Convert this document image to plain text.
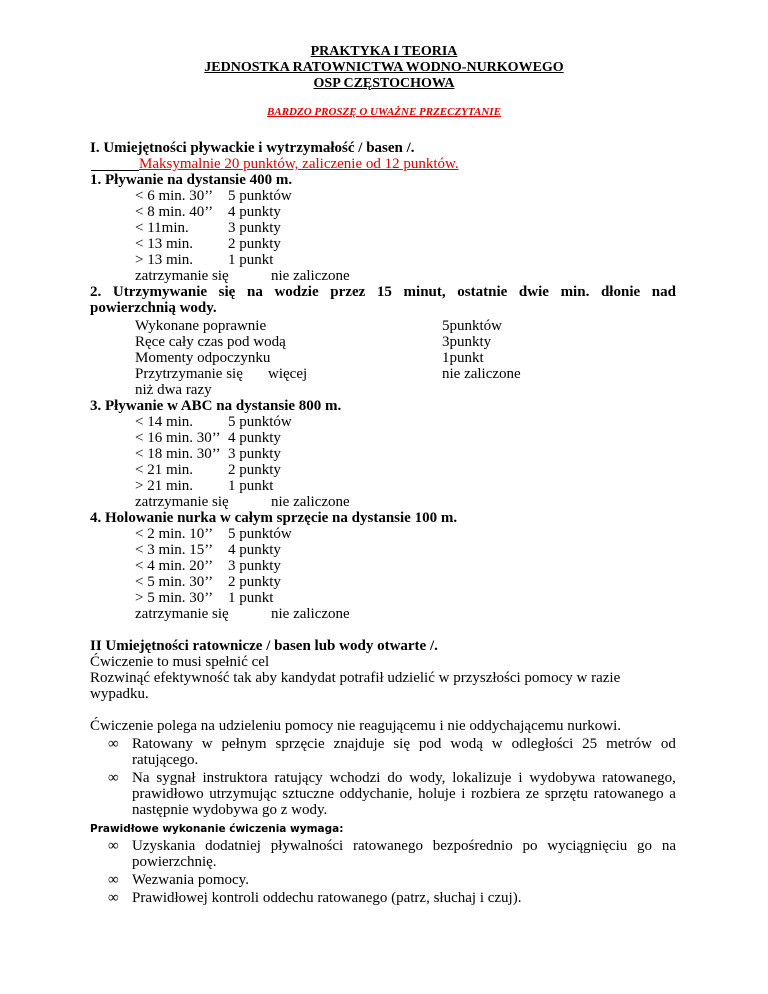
PRAKTYKA I TEORIA
JEDNOSTKA RATOWNICTWA WODNO-NURKOWEGO
OSP CZĘSTOCHOWA
BARDZO PROSZĘ O UWAŻNE PRZECZYTANIE
I. Umiejętności pływackie i wytrzymałość / basen /.
Maksymalnie 20 punktów, zaliczenie od 12 punktów.
1. Pływanie na dystansie 400 m.
< 6 min. 30’’ 5 punktów
< 8 min. 40’’ 4 punkty
< 11min.	3 punkty
< 13 min. 2 punkty
> 13 min. 1 punkt
zatrzymanie się	nie zaliczone
2. Utrzymywanie się na wodzie przez 15 minut, ostatnie dwie min. dłonie nad
powierzchnią wody.
Wykonane poprawnie	5punktów
Ręce cały czas pod wodą	3punkty
Momenty odpoczynku	1punkt
Przytrzymanie się więcej	nie zaliczone
niż dwa razy
3. Pływanie w ABC na dystansie 800 m.
< 14 min. 5 punktów
< 16 min. 30’’ 4 punkty
< 18 min. 30’’ 3 punkty
< 21 min. 2 punkty
> 21 min. 1 punkt
zatrzymanie się	nie zaliczone
4. Holowanie nurka w całym sprzęcie na dystansie 100 m.
< 2 min. 10’’ 5 punktów
< 3 min. 15’’ 4 punkty
< 4 min. 20’’ 3 punkty
< 5 min. 30’’ 2 punkty
> 5 min. 30’’ 1 punkt
zatrzymanie się	nie zaliczone
II Umiejętności ratownicze / basen lub wody otwarte /.
Ćwiczenie to musi spełnić cel
Rozwinąć efektywność tak aby kandydat potrafił udzielić w przyszłości pomocy w razie
wypadku.
Ćwiczenie polega na udzieleniu pomocy nie reagującemu i nie oddychającemu nurkowi.
∞ Ratowany w pełnym sprzęcie znajduje się pod wodą w odległości 25 metrów od
ratującego.
∞ Na sygnał instruktora ratujący wchodzi do wody, lokalizuje i wydobywa ratowanego,
prawidłowo utrzymując sztuczne oddychanie, holuje i rozbiera ze sprzętu ratowanego a
następnie wydobywa go z wody.
Prawidłowe wykonanie ćwiczenia wymaga:
∞ Uzyskania dodatniej pływalności ratowanego bezpośrednio po wyciągnięciu go na
powierzchnię.
∞ Wezwania pomocy.
∞ Prawidłowej kontroli oddechu ratowanego (patrz, słuchaj i czuj).
